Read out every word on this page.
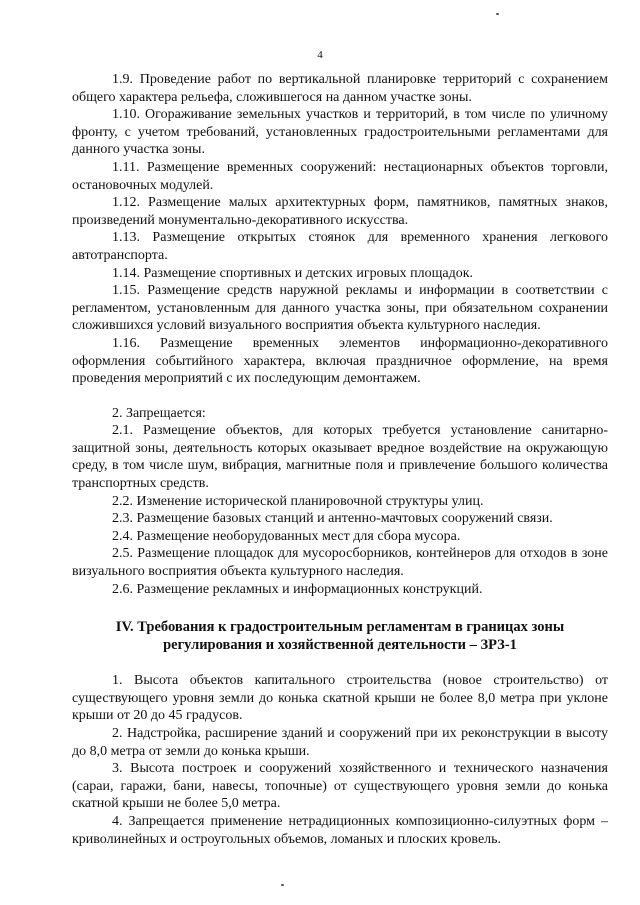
4

1.9. Проведение работ по вертикальной планировке территорий с сохранением общего характера рельефа, сложившегося на данном участке зоны.

1.10. Огораживание земельных участков и территорий, в том числе по уличному фронту, с учетом требований, установленных градостроительными регламентами для данного участка зоны.

1.11. Размещение временных сооружений: нестационарных объектов торговли, остановочных модулей.

1.12. Размещение малых архитектурных форм, памятников, памятных знаков, произведений монументально-декоративного искусства.

1.13. Размещение открытых стоянок для временного хранения легкового автотранспорта.

1.14. Размещение спортивных и детских игровых площадок.

1.15. Размещение средств наружной рекламы и информации в соответствии с регламентом, установленным для данного участка зоны, при обязательном сохранении сложившихся условий визуального восприятия объекта культурного наследия.

1.16. Размещение временных элементов информационно-декоративного оформления событийного характера, включая праздничное оформление, на время проведения мероприятий с их последующим демонтажем.

2. Запрещается:

2.1. Размещение объектов, для которых требуется установление санитарно-защитной зоны, деятельность которых оказывает вредное воздействие на окружающую среду, в том числе шум, вибрация, магнитные поля и привлечение большого количества транспортных средств.

2.2. Изменение исторической планировочной структуры улиц.

2.3. Размещение базовых станций и антенно-мачтовых сооружений связи.

2.4. Размещение необорудованных мест для сбора мусора.

2.5. Размещение площадок для мусоросборников, контейнеров для отходов в зоне визуального восприятия объекта культурного наследия.

2.6. Размещение рекламных и информационных конструкций.

IV. Требования к градостроительным регламентам в границах зоны

регулирования и хозяйственной деятельности – ЗРЗ-1

1. Высота объектов капитального строительства (новое строительство) от существующего уровня земли до конька скатной крыши не более 8,0 метра при уклоне крыши от 20 до 45 градусов.

2. Надстройка, расширение зданий и сооружений при их реконструкции в высоту до 8,0 метра от земли до конька крыши.

3. Высота построек и сооружений хозяйственного и технического назначения (сараи, гаражи, бани, навесы, топочные) от существующего уровня земли до конька скатной крыши не более 5,0 метра.

4. Запрещается применение нетрадиционных композиционно-силуэтных форм – криволинейных и остроугольных объемов, ломаных и плоских кровель.
